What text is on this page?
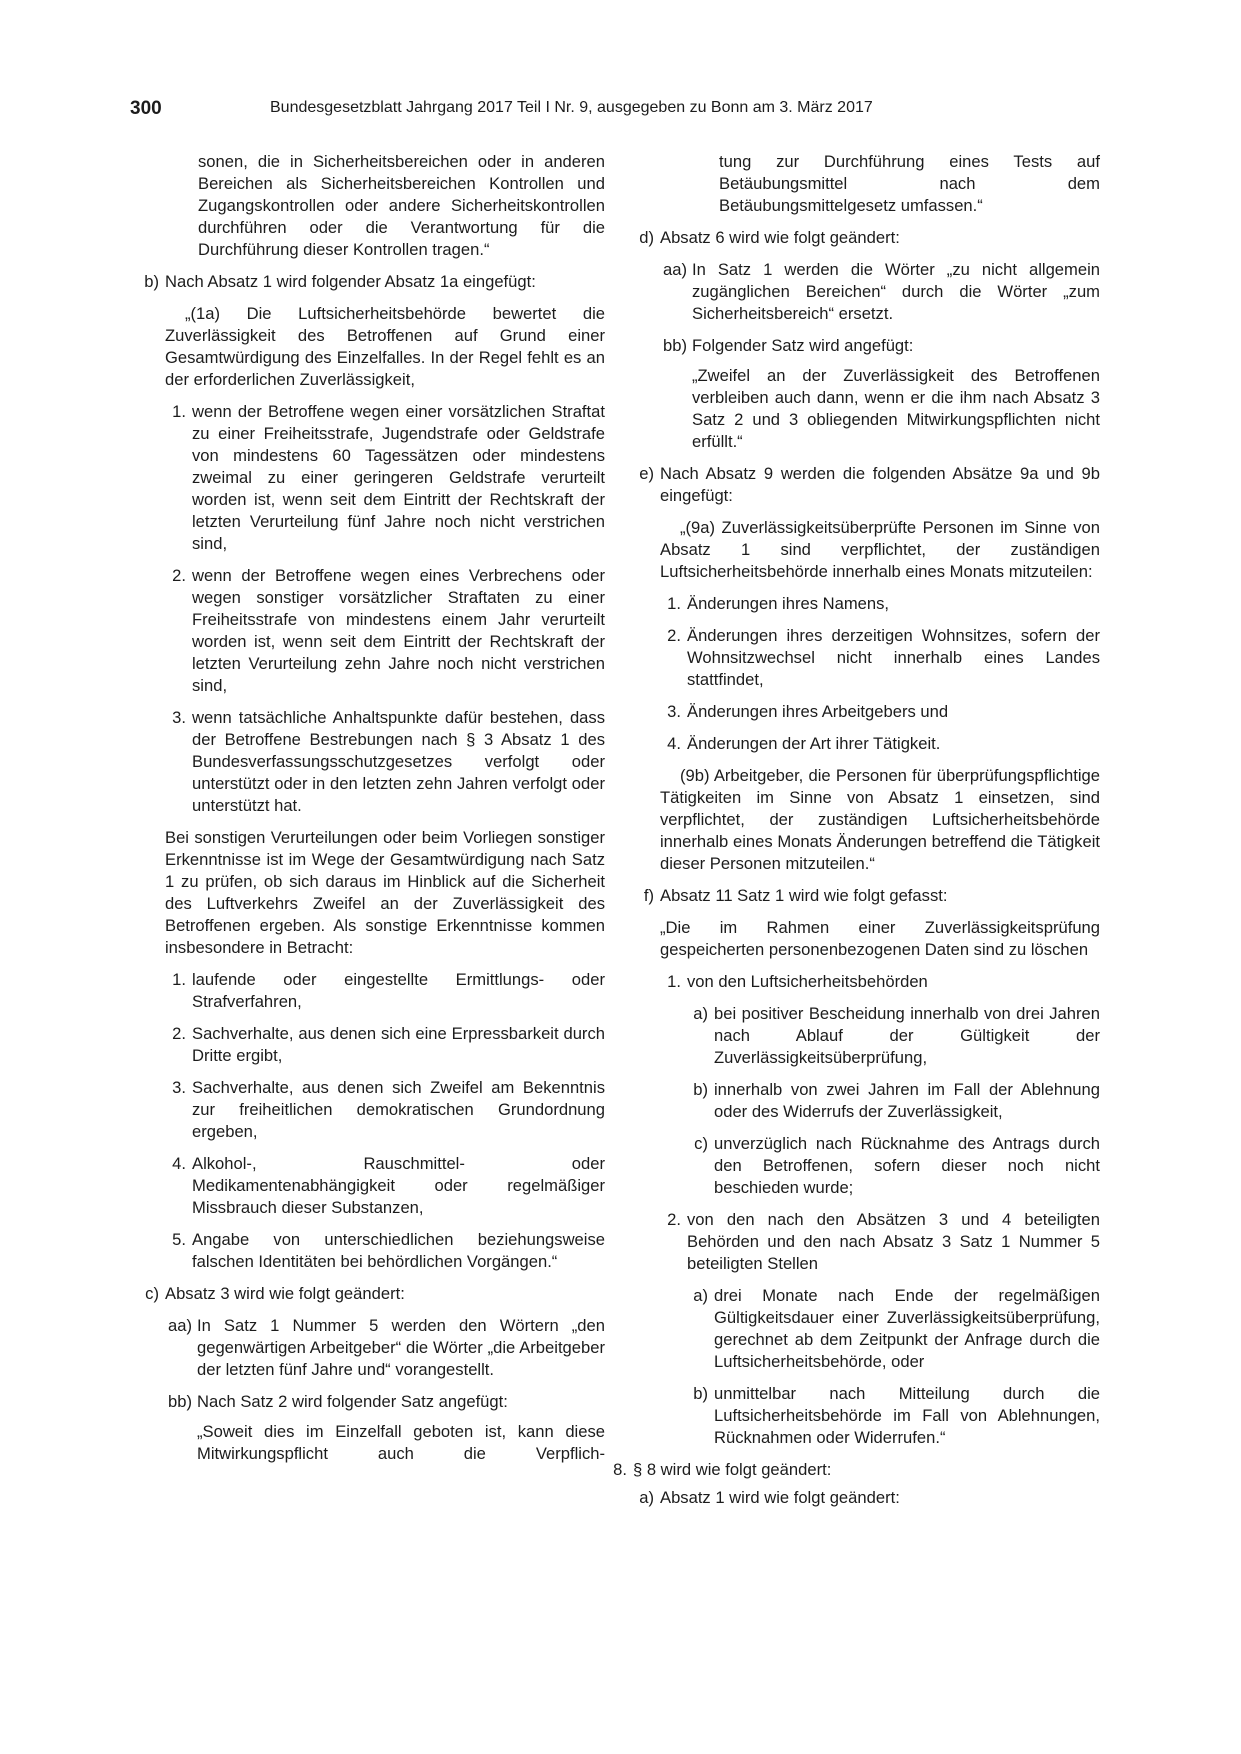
300	Bundesgesetzblatt Jahrgang 2017 Teil I Nr. 9, ausgegeben zu Bonn am 3. März 2017

sonen, die in Sicherheitsbereichen oder in anderen Bereichen als Sicherheitsbereichen Kontrollen und Zugangskontrollen oder andere Sicherheitskontrollen durchführen oder die Verantwortung für die Durchführung dieser Kontrollen tragen.“

b) Nach Absatz 1 wird folgender Absatz 1a eingefügt:

„(1a) Die Luftsicherheitsbehörde bewertet die Zuverlässigkeit des Betroffenen auf Grund einer Gesamtwürdigung des Einzelfalles. In der Regel fehlt es an der erforderlichen Zuverlässigkeit,

1. wenn der Betroffene wegen einer vorsätzlichen Straftat zu einer Freiheitsstrafe, Jugendstrafe oder Geldstrafe von mindestens 60 Tagessätzen oder mindestens zweimal zu einer geringeren Geldstrafe verurteilt worden ist, wenn seit dem Eintritt der Rechtskraft der letzten Verurteilung fünf Jahre noch nicht verstrichen sind,
2. wenn der Betroffene wegen eines Verbrechens oder wegen sonstiger vorsätzlicher Straftaten zu einer Freiheitsstrafe von mindestens einem Jahr verurteilt worden ist, wenn seit dem Eintritt der Rechtskraft der letzten Verurteilung zehn Jahre noch nicht verstrichen sind,
3. wenn tatsächliche Anhaltspunkte dafür bestehen, dass der Betroffene Bestrebungen nach § 3 Absatz 1 des Bundesverfassungsschutzgesetzes verfolgt oder unterstützt oder in den letzten zehn Jahren verfolgt oder unterstützt hat.

Bei sonstigen Verurteilungen oder beim Vorliegen sonstiger Erkenntnisse ist im Wege der Gesamtwürdigung nach Satz 1 zu prüfen, ob sich daraus im Hinblick auf die Sicherheit des Luftverkehrs Zweifel an der Zuverlässigkeit des Betroffenen ergeben. Als sonstige Erkenntnisse kommen insbesondere in Betracht:

1. laufende oder eingestellte Ermittlungs- oder Strafverfahren,
2. Sachverhalte, aus denen sich eine Erpressbarkeit durch Dritte ergibt,
3. Sachverhalte, aus denen sich Zweifel am Bekenntnis zur freiheitlichen demokratischen Grundordnung ergeben,
4. Alkohol-, Rauschmittel- oder Medikamentenabhängigkeit oder regelmäßiger Missbrauch dieser Substanzen,
5. Angabe von unterschiedlichen beziehungsweise falschen Identitäten bei behördlichen Vorgängen.“
c) Absatz 3 wird wie folgt geändert:
aa) In Satz 1 Nummer 5 werden den Wörtern „den gegenwärtigen Arbeitgeber“ die Wörter „die Arbeitgeber der letzten fünf Jahre und“ vorangestellt.
bb) Nach Satz 2 wird folgender Satz angefügt:

„Soweit dies im Einzelfall geboten ist, kann diese Mitwirkungspflicht auch die Verpflich-

tung zur Durchführung eines Tests auf Betäubungsmittel nach dem Betäubungsmittelgesetz umfassen.“

d) Absatz 6 wird wie folgt geändert:
aa) In Satz 1 werden die Wörter „zu nicht allgemein zugänglichen Bereichen“ durch die Wörter „zum Sicherheitsbereich“ ersetzt.
bb) Folgender Satz wird angefügt:

„Zweifel an der Zuverlässigkeit des Betroffenen verbleiben auch dann, wenn er die ihm nach Absatz 3 Satz 2 und 3 obliegenden Mitwirkungspflichten nicht erfüllt.“

e) Nach Absatz 9 werden die folgenden Absätze 9a und 9b eingefügt:

„(9a) Zuverlässigkeitsüberprüfte Personen im Sinne von Absatz 1 sind verpflichtet, der zuständigen Luftsicherheitsbehörde innerhalb eines Monats mitzuteilen:

1. Änderungen ihres Namens,
2. Änderungen ihres derzeitigen Wohnsitzes, sofern der Wohnsitzwechsel nicht innerhalb eines Landes stattfindet,
3. Änderungen ihres Arbeitgebers und
4. Änderungen der Art ihrer Tätigkeit.

(9b) Arbeitgeber, die Personen für überprüfungspflichtige Tätigkeiten im Sinne von Absatz 1 einsetzen, sind verpflichtet, der zuständigen Luftsicherheitsbehörde innerhalb eines Monats Änderungen betreffend die Tätigkeit dieser Personen mitzuteilen.“

f) Absatz 11 Satz 1 wird wie folgt gefasst:

„Die im Rahmen einer Zuverlässigkeitsprüfung gespeicherten personenbezogenen Daten sind zu löschen

1. von den Luftsicherheitsbehörden
a) bei positiver Bescheidung innerhalb von drei Jahren nach Ablauf der Gültigkeit der Zuverlässigkeitsüberprüfung,
b) innerhalb von zwei Jahren im Fall der Ablehnung oder des Widerrufs der Zuverlässigkeit,
c) unverzüglich nach Rücknahme des Antrags durch den Betroffenen, sofern dieser noch nicht beschieden wurde;
2. von den nach den Absätzen 3 und 4 beteiligten Behörden und den nach Absatz 3 Satz 1 Nummer 5 beteiligten Stellen
a) drei Monate nach Ende der regelmäßigen Gültigkeitsdauer einer Zuverlässigkeitsüberprüfung, gerechnet ab dem Zeitpunkt der Anfrage durch die Luftsicherheitsbehörde, oder
b) unmittelbar nach Mitteilung durch die Luftsicherheitsbehörde im Fall von Ablehnungen, Rücknahmen oder Widerrufen.“
8. § 8 wird wie folgt geändert:
a) Absatz 1 wird wie folgt geändert:
